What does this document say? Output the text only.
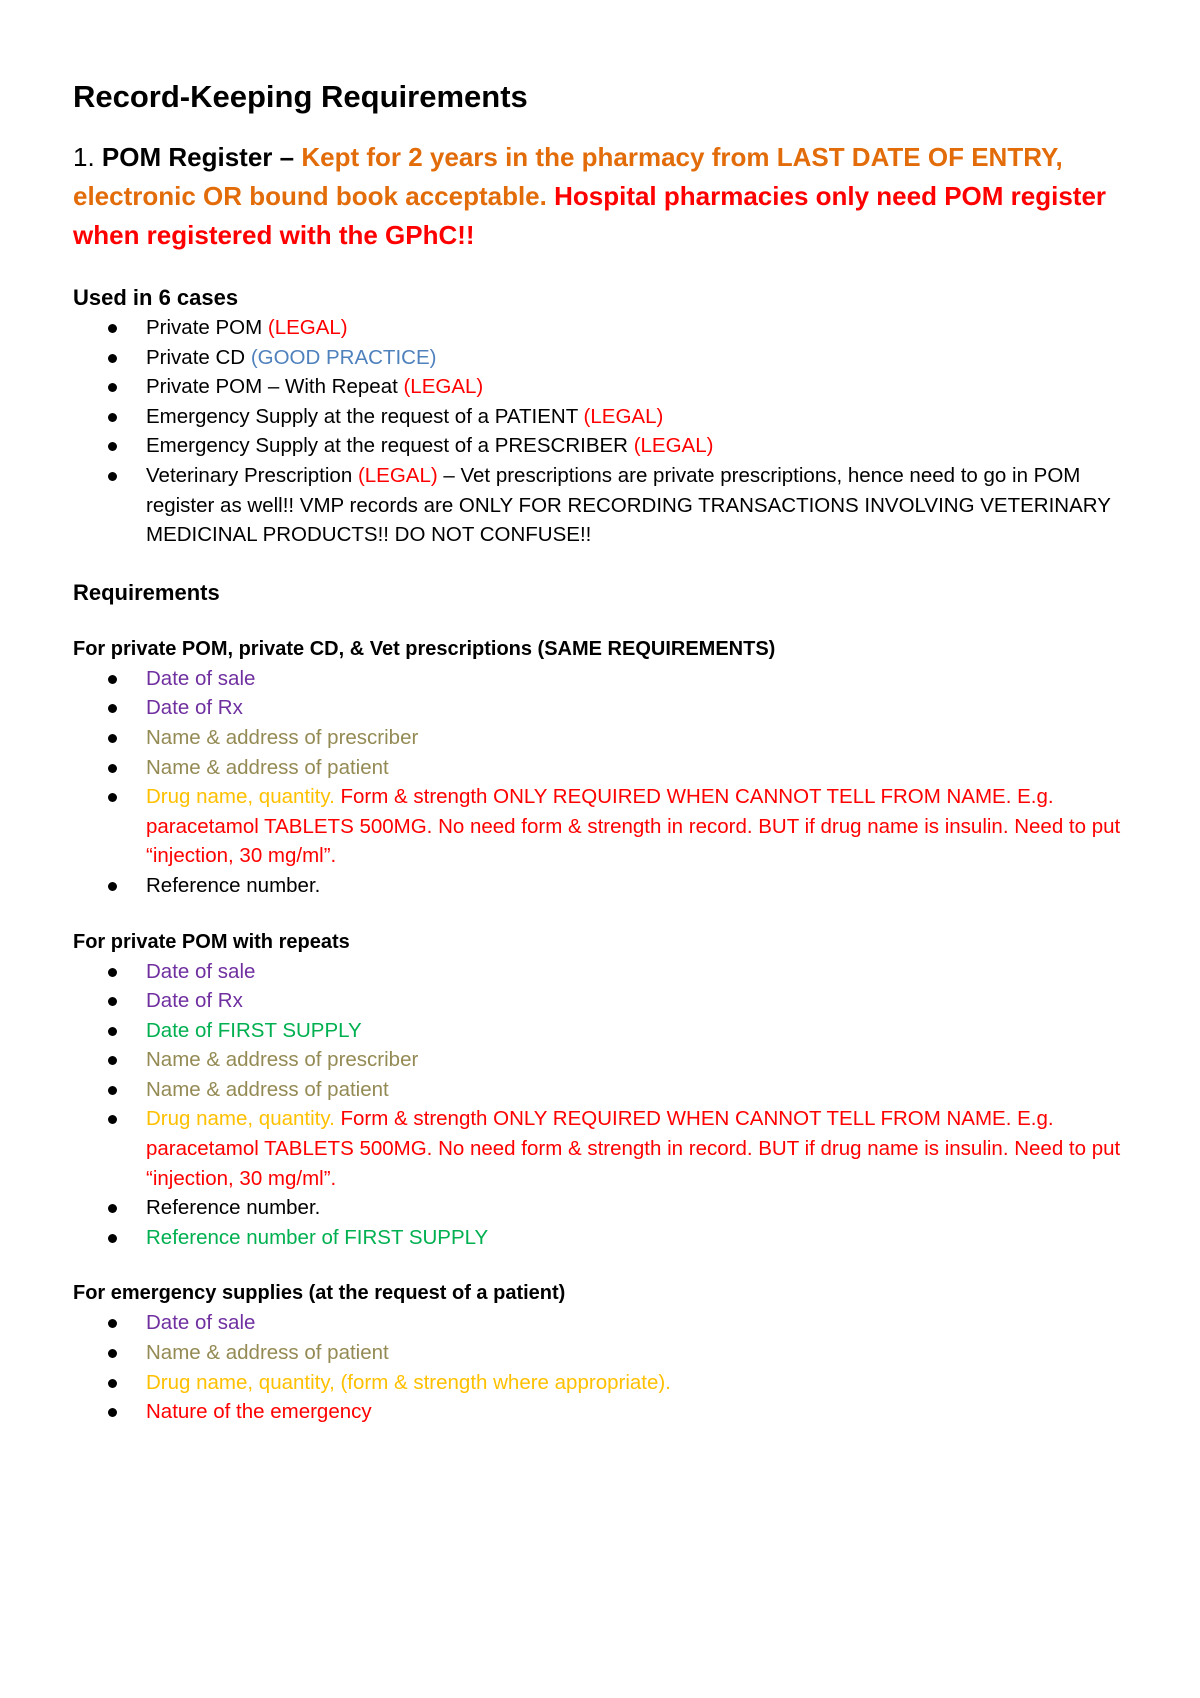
Record-Keeping Requirements

1. POM Register – Kept for 2 years in the pharmacy from LAST DATE OF ENTRY, electronic OR bound book acceptable. Hospital pharmacies only need POM register when registered with the GPhC!!

Used in 6 cases

Private POM (LEGAL)
Private CD (GOOD PRACTICE)
Private POM – With Repeat (LEGAL)
Emergency Supply at the request of a PATIENT (LEGAL)
Emergency Supply at the request of a PRESCRIBER (LEGAL)
Veterinary Prescription (LEGAL) – Vet prescriptions are private prescriptions, hence need to go in POM register as well!! VMP records are ONLY FOR RECORDING TRANSACTIONS INVOLVING VETERINARY MEDICINAL PRODUCTS!! DO NOT CONFUSE!!

Requirements

For private POM, private CD, & Vet prescriptions (SAME REQUIREMENTS)

Date of sale
Date of Rx
Name & address of prescriber
Name & address of patient
Drug name, quantity. Form & strength ONLY REQUIRED WHEN CANNOT TELL FROM NAME. E.g. paracetamol TABLETS 500MG. No need form & strength in record. BUT if drug name is insulin. Need to put “injection, 30 mg/ml”.
Reference number.

For private POM with repeats

Date of sale
Date of Rx
Date of FIRST SUPPLY
Name & address of prescriber
Name & address of patient
Drug name, quantity. Form & strength ONLY REQUIRED WHEN CANNOT TELL FROM NAME. E.g. paracetamol TABLETS 500MG. No need form & strength in record. BUT if drug name is insulin. Need to put “injection, 30 mg/ml”.
Reference number.
Reference number of FIRST SUPPLY

For emergency supplies (at the request of a patient)

Date of sale
Name & address of patient
Drug name, quantity, (form & strength where appropriate).
Nature of the emergency
